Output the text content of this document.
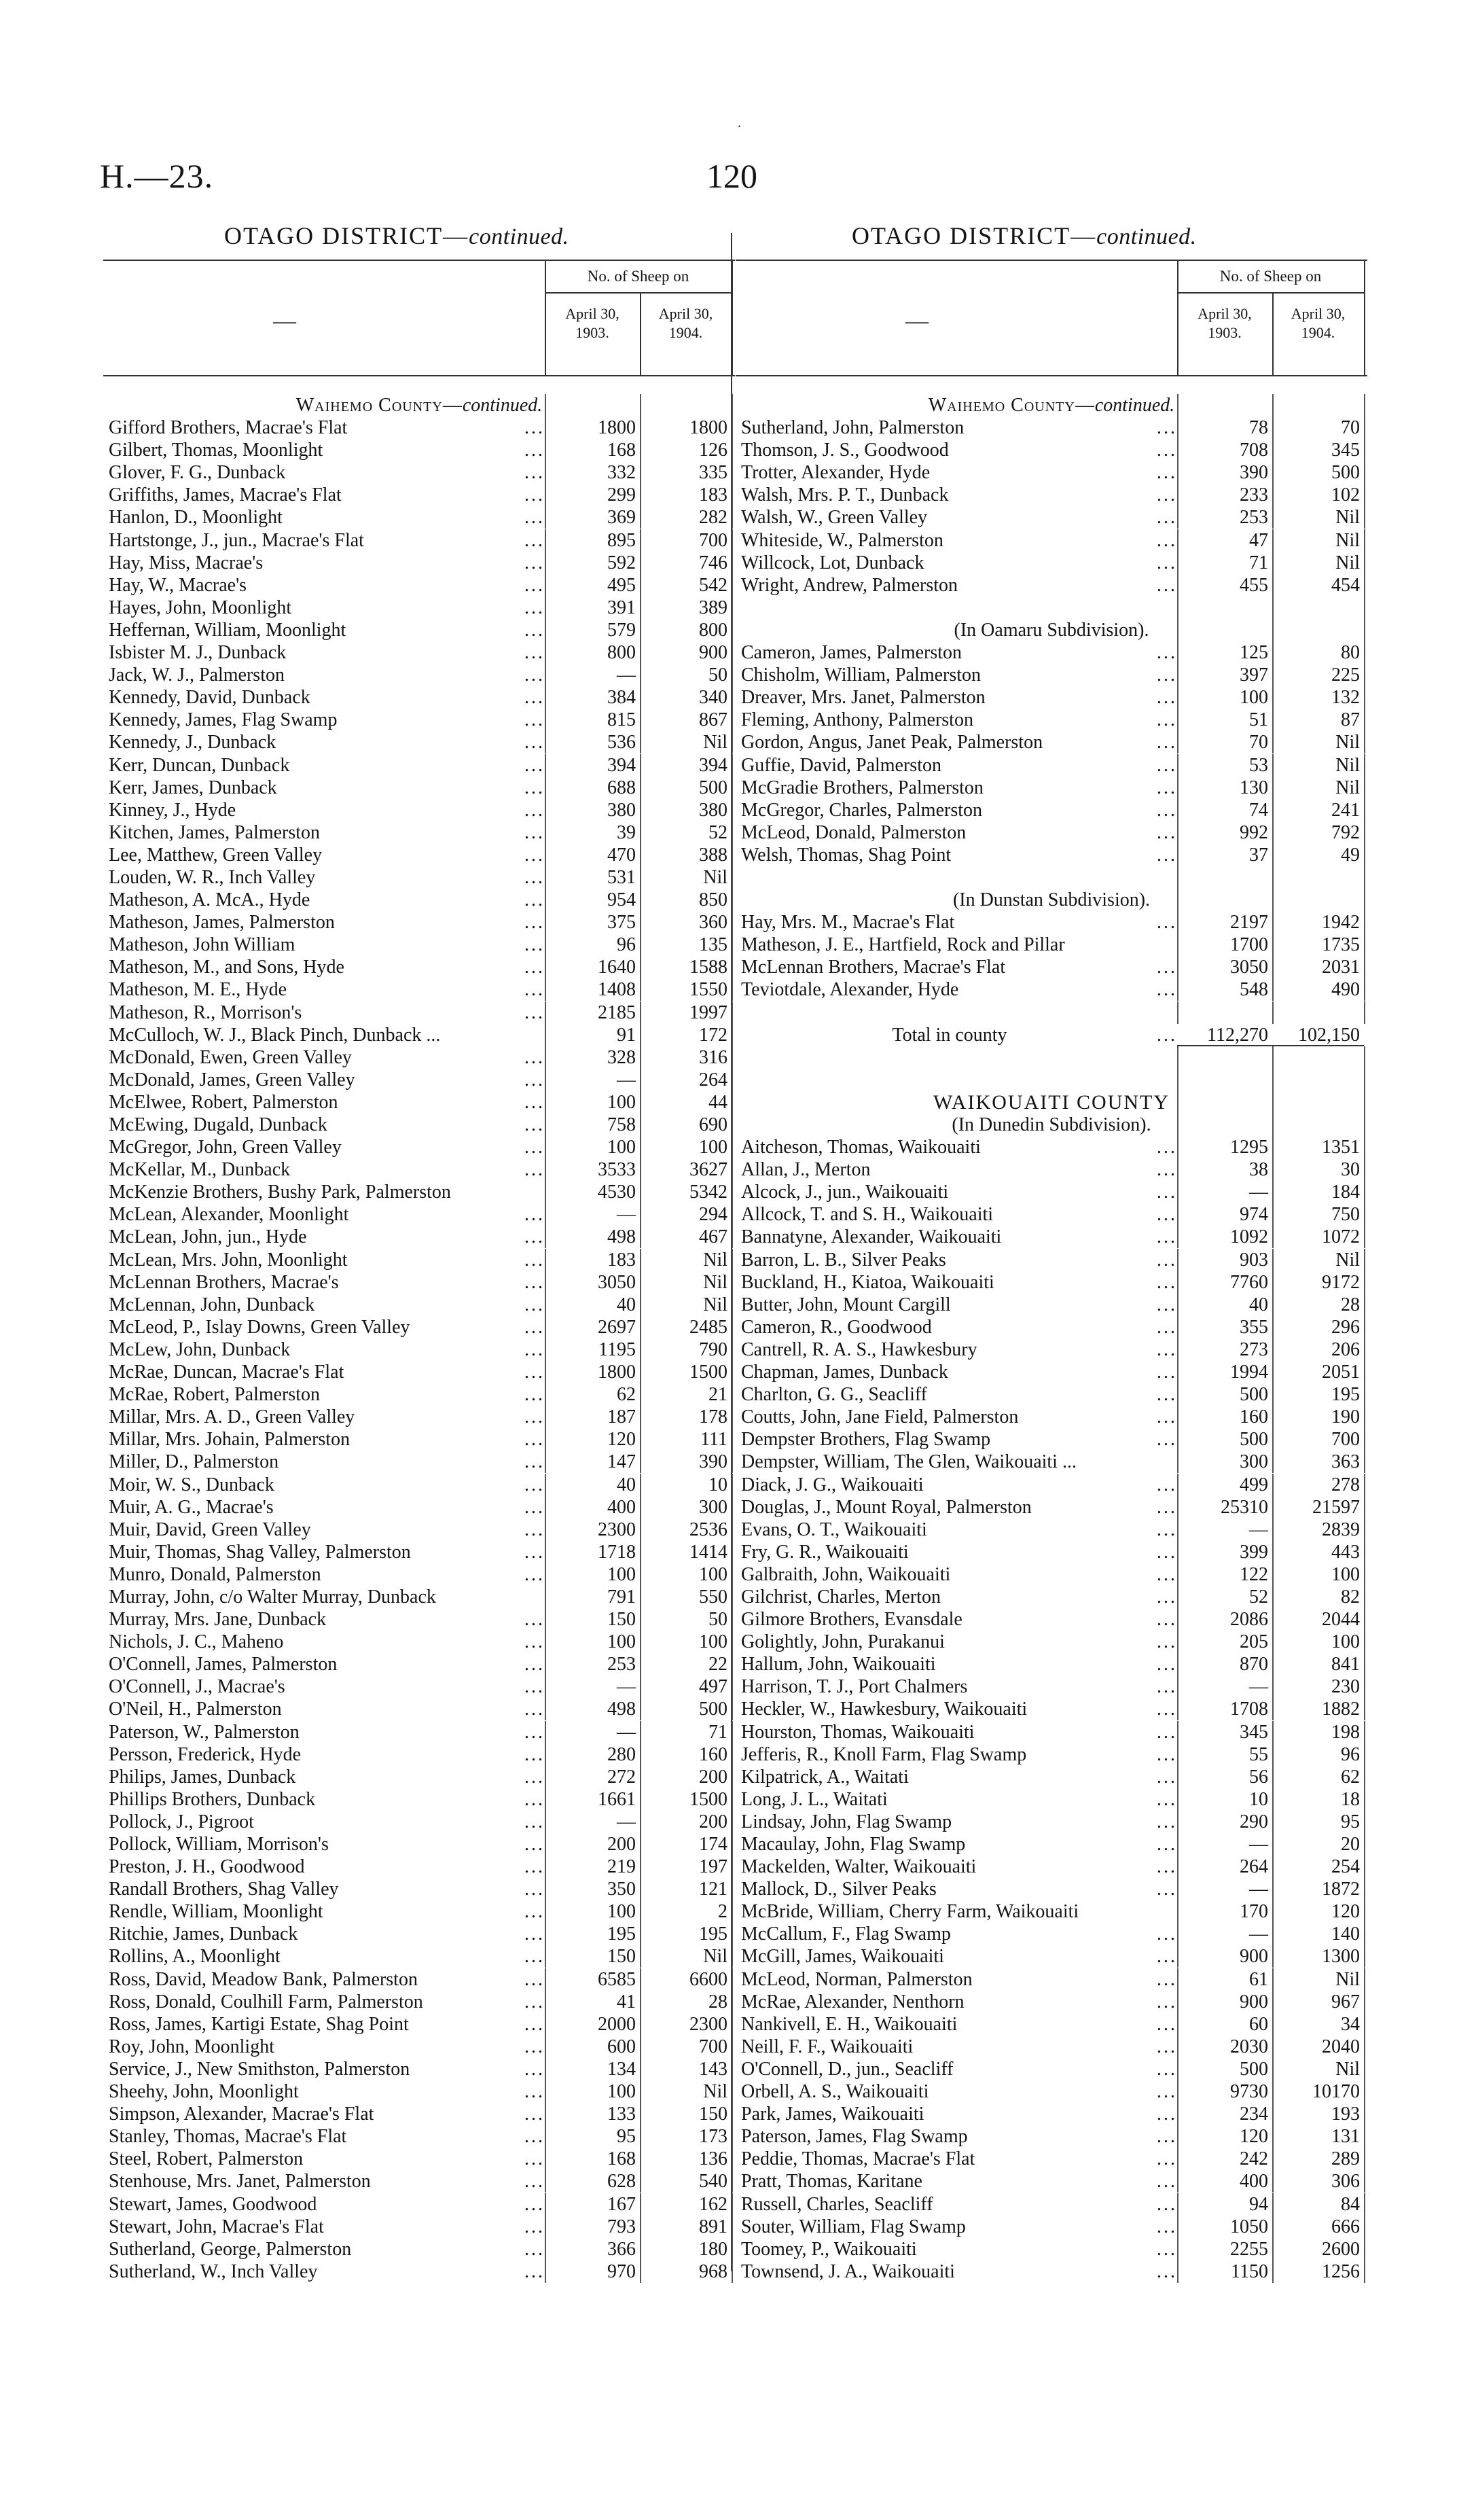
.
H.—23.	120
OTAGO DISTRICT—continued.	OTAGO DISTRICT—continued.
—
No. of Sheep on
April 30,
1903.
April 30,
1904.
Waihemo County—continued.
Gifford Brothers, Macrae's Flat	...	1800	1800
Gilbert, Thomas, Moonlight	...	168	126
Glover, F. G., Dunback	...	332	335
Griffiths, James, Macrae's Flat	...	299	183
Hanlon, D., Moonlight	...	369	282
Hartstonge, J., jun., Macrae's Flat	...	895	700
Hay, Miss, Macrae's	...	592	746
Hay, W., Macrae's	...	495	542
Hayes, John, Moonlight	...	391	389
Heffernan, William, Moonlight	...	579	800
Isbister M. J., Dunback	...	800	900
Jack, W. J., Palmerston	...	—	50
Kennedy, David, Dunback	...	384	340
Kennedy, James, Flag Swamp	...	815	867
Kennedy, J., Dunback	...	536	Nil
Kerr, Duncan, Dunback	...	394	394
Kerr, James, Dunback	...	688	500
Kinney, J., Hyde	...	380	380
Kitchen, James, Palmerston	...	39	52
Lee, Matthew, Green Valley	...	470	388
Louden, W. R., Inch Valley	...	531	Nil
Matheson, A. McA., Hyde	...	954	850
Matheson, James, Palmerston	...	375	360
Matheson, John William	...	96	135
Matheson, M., and Sons, Hyde	...	1640	1588
Matheson, M. E., Hyde	...	1408	1550
Matheson, R., Morrison's	...	2185	1997
McCulloch, W. J., Black Pinch, Dunback ...	91	172
McDonald, Ewen, Green Valley	...	328	316
McDonald, James, Green Valley	...	—	264
McElwee, Robert, Palmerston	...	100	44
McEwing, Dugald, Dunback	...	758	690
McGregor, John, Green Valley	...	100	100
McKellar, M., Dunback	...	3533	3627
McKenzie Brothers, Bushy Park, Palmerston	4530	5342
McLean, Alexander, Moonlight	...	—	294
McLean, John, jun., Hyde	...	498	467
McLean, Mrs. John, Moonlight	...	183	Nil
McLennan Brothers, Macrae's	...	3050	Nil
McLennan, John, Dunback	...	40	Nil
McLeod, P., Islay Downs, Green Valley	...	2697	2485
McLew, John, Dunback	...	1195	790
McRae, Duncan, Macrae's Flat	...	1800	1500
McRae, Robert, Palmerston	...	62	21
Millar, Mrs. A. D., Green Valley	...	187	178
Millar, Mrs. Johain, Palmerston	...	120	111
Miller, D., Palmerston	...	147	390
Moir, W. S., Dunback	...	40	10
Muir, A. G., Macrae's	...	400	300
Muir, David, Green Valley	...	2300	2536
Muir, Thomas, Shag Valley, Palmerston	...	1718	1414
Munro, Donald, Palmerston	...	100	100
Murray, John, c/o Walter Murray, Dunback	791	550
Murray, Mrs. Jane, Dunback	...	150	50
Nichols, J. C., Maheno	...	100	100
O'Connell, James, Palmerston	...	253	22
O'Connell, J., Macrae's	...	—	497
O'Neil, H., Palmerston	...	498	500
Paterson, W., Palmerston	...	—	71
Persson, Frederick, Hyde	...	280	160
Philips, James, Dunback	...	272	200
Phillips Brothers, Dunback	...	1661	1500
Pollock, J., Pigroot	...	—	200
Pollock, William, Morrison's	...	200	174
Preston, J. H., Goodwood	...	219	197
Randall Brothers, Shag Valley	...	350	121
Rendle, William, Moonlight	...	100	2
Ritchie, James, Dunback	...	195	195
Rollins, A., Moonlight	...	150	Nil
Ross, David, Meadow Bank, Palmerston	...	6585	6600
Ross, Donald, Coulhill Farm, Palmerston	...	41	28
Ross, James, Kartigi Estate, Shag Point	...	2000	2300
Roy, John, Moonlight	...	600	700
Service, J., New Smithston, Palmerston	...	134	143
Sheehy, John, Moonlight	...	100	Nil
Simpson, Alexander, Macrae's Flat	...	133	150
Stanley, Thomas, Macrae's Flat	...	95	173
Steel, Robert, Palmerston	...	168	136
Stenhouse, Mrs. Janet, Palmerston	...	628	540
Stewart, James, Goodwood	...	167	162
Stewart, John, Macrae's Flat	...	793	891
Sutherland, George, Palmerston	...	366	180
Sutherland, W., Inch Valley	...	970	968
—
No. of Sheep on
April 30,
1903.
April 30,
1904.
Waihemo County—continued.
Sutherland, John, Palmerston	...	78	70
Thomson, J. S., Goodwood	...	708	345
Trotter, Alexander, Hyde	...	390	500
Walsh, Mrs. P. T., Dunback	...	233	102
Walsh, W., Green Valley	...	253	Nil
Whiteside, W., Palmerston	...	47	Nil
Willcock, Lot, Dunback	...	71	Nil
Wright, Andrew, Palmerston	...	455	454
(In Oamaru Subdivision).
Cameron, James, Palmerston	...	125	80
Chisholm, William, Palmerston	...	397	225
Dreaver, Mrs. Janet, Palmerston	...	100	132
Fleming, Anthony, Palmerston	...	51	87
Gordon, Angus, Janet Peak, Palmerston	...	70	Nil
Guffie, David, Palmerston	...	53	Nil
McGradie Brothers, Palmerston	...	130	Nil
McGregor, Charles, Palmerston	...	74	241
McLeod, Donald, Palmerston	...	992	792
Welsh, Thomas, Shag Point	...	37	49
(In Dunstan Subdivision).
Hay, Mrs. M., Macrae's Flat	...	2197	1942
Matheson, J. E., Hartfield, Rock and Pillar	1700	1735
McLennan Brothers, Macrae's Flat	...	3050	2031
Teviotdale, Alexander, Hyde	...	548	490
Total in county	...	112,270	102,150
WAIKOUAITI COUNTY
(In Dunedin Subdivision).
Aitcheson, Thomas, Waikouaiti	...	1295	1351
Allan, J., Merton	...	38	30
Alcock, J., jun., Waikouaiti	...	—	184
Allcock, T. and S. H., Waikouaiti	...	974	750
Bannatyne, Alexander, Waikouaiti	...	1092	1072
Barron, L. B., Silver Peaks	...	903	Nil
Buckland, H., Kiatoa, Waikouaiti	...	7760	9172
Butter, John, Mount Cargill	...	40	28
Cameron, R., Goodwood	...	355	296
Cantrell, R. A. S., Hawkesbury	...	273	206
Chapman, James, Dunback	...	1994	2051
Charlton, G. G., Seacliff	...	500	195
Coutts, John, Jane Field, Palmerston	...	160	190
Dempster Brothers, Flag Swamp	...	500	700
Dempster, William, The Glen, Waikouaiti ...	300	363
Diack, J. G., Waikouaiti	...	499	278
Douglas, J., Mount Royal, Palmerston	...	25310	21597
Evans, O. T., Waikouaiti	...	—	2839
Fry, G. R., Waikouaiti	...	399	443
Galbraith, John, Waikouaiti	...	122	100
Gilchrist, Charles, Merton	...	52	82
Gilmore Brothers, Evansdale	...	2086	2044
Golightly, John, Purakanui	...	205	100
Hallum, John, Waikouaiti	...	870	841
Harrison, T. J., Port Chalmers	...	—	230
Heckler, W., Hawkesbury, Waikouaiti	...	1708	1882
Hourston, Thomas, Waikouaiti	...	345	198
Jefferis, R., Knoll Farm, Flag Swamp	...	55	96
Kilpatrick, A., Waitati	...	56	62
Long, J. L., Waitati	...	10	18
Lindsay, John, Flag Swamp	...	290	95
Macaulay, John, Flag Swamp	...	—	20
Mackelden, Walter, Waikouaiti	...	264	254
Mallock, D., Silver Peaks	...	—	1872
McBride, William, Cherry Farm, Waikouaiti	170	120
McCallum, F., Flag Swamp	...	—	140
McGill, James, Waikouaiti	...	900	1300
McLeod, Norman, Palmerston	...	61	Nil
McRae, Alexander, Nenthorn	...	900	967
Nankivell, E. H., Waikouaiti	...	60	34
Neill, F. F., Waikouaiti	...	2030	2040
O'Connell, D., jun., Seacliff	...	500	Nil
Orbell, A. S., Waikouaiti	...	9730	10170
Park, James, Waikouaiti	...	234	193
Paterson, James, Flag Swamp	...	120	131
Peddie, Thomas, Macrae's Flat	...	242	289
Pratt, Thomas, Karitane	...	400	306
Russell, Charles, Seacliff	...	94	84
Souter, William, Flag Swamp	...	1050	666
Toomey, P., Waikouaiti	...	2255	2600
Townsend, J. A., Waikouaiti	...	1150	1256
